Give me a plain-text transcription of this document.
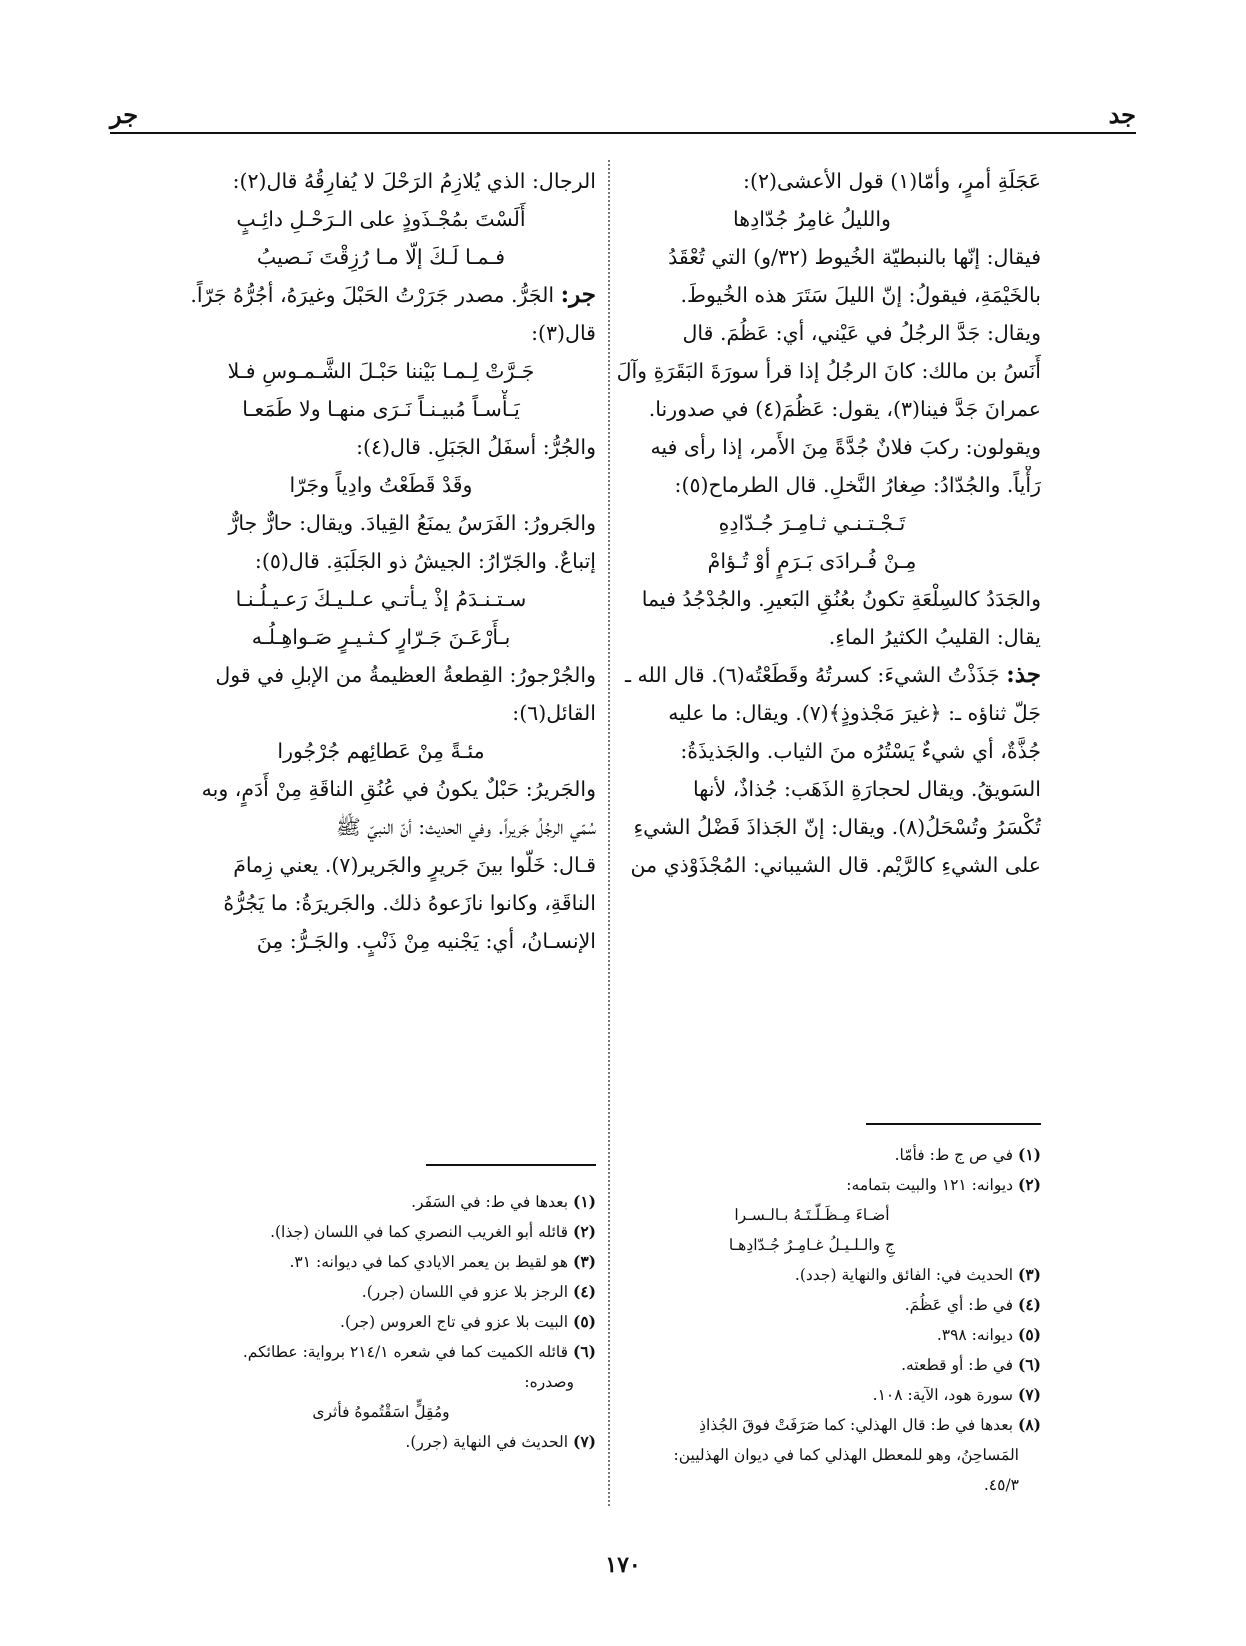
جد
جر
عَجَلَةِ أمرٍ، وأمّا(١) قول الأعشى(٢):
والليلُ غامِرُ جُدّادِها
فيقال: إنّها بالنبطيّة الخُيوط (٣٢/و) التي تُعْقَدُ
بالخَيْمَةِ، فيقولُ: إنّ الليلَ سَتَرَ هذه الخُيوطَ.
ويقال: جَدَّ الرجُلُ في عَيْني، أي: عَظُمَ. قال
أَنَسُ بن مالك: كانَ الرجُلُ إذا قرأ سورَةَ البَقَرَةِ وآلَ
عمرانَ جَدَّ فينا(٣)، يقول: عَظُمَ(٤) في صدورنا.
ويقولون: ركبَ فلانٌ جُدَّةً مِنَ الأَمر، إذا رأى فيه
رَأْياً. والجُدّادُ: صِغارُ النَّخلِ. قال الطرماح(٥):
تَـجْـتـنـي ثـامِـرَ جُـدّادِهِ
مِـنْ فُـرادَى بَـرَمٍ أوْ تُـؤامْ
والجَدَدُ كالسِلْعَةِ تكونُ بعُنُقِ البَعيرِ. والجُدْجُدُ فيما
يقال: القليبُ الكثيرُ الماءِ.
جذ: جَذَذْتُ الشيءَ: كسرتُهُ وقَطَعْتُه(٦). قال الله ـ
جَلّ ثناؤه ـ: ﴿غيرَ مَجْذوذٍ﴾(٧). ويقال: ما عليه
جُذَّةٌ، أي شيءٌ يَسْتُرُه منَ الثياب. والجَذيذَةُ:
السَويقُ. ويقال لحجارَةِ الذَهَب: جُذاذٌ، لأنها
تُكْسَرُ وتُسْحَلُ(٨). ويقال: إنّ الجَذاذَ فَضْلُ الشيءِ
على الشيءِ كالرَّيْم. قال الشيباني: المُجْذَوْذي من
الرجال: الذي يُلازِمُ الرَحْلَ لا يُفارِقُهُ قال(٢):
أَلَسْتَ بمُجْـذَوذٍ على الـرَحْـلِ دائِـبٍ
فـمـا لَـكَ إلّا مـا رُزِقْتَ نَـصيبُ
جر: الجَرُّ. مصدر جَرَرْتُ الحَبْلَ وغيرَهُ، أجُرُّهُ جَرّاً.
قال(٣):
جَـرَّتْ لِـمـا بَيْننا حَبْـلَ الشَّـمـوسِ فـلا
يَـأْسـاً مُبيـنـاً نَـرَى منهـا ولا طَمَعـا
والجُرُّ: أسفَلُ الجَبَلِ. قال(٤):
وقَدْ قَطَعْتُ وادِياً وجَرّا
والجَرورُ: الفَرَسُ يمنَعُ القِيادَ. ويقال: حارٌّ جارٌّ
إتباعٌ. والجَرّارُ: الجيشُ ذو الجَلَبَةِ. قال(٥):
سـتـنـدَمُ إذْ يـأتـي عـلـيـكَ رَعـيـلُـنـا
بـأَرْعَـنَ جَـرّارٍ كـثـيـرٍ صَـواهِـلُـه
والجُرْجورُ: القِطعةُ العظيمةُ من الإبلِ في قول
القائل(٦):
مئـةً مِنْ عَطائِهم جُرْجُورا
والجَريرُ: حَبْلٌ يكونُ في عُنُقِ الناقَةِ مِنْ أَدَمٍ، وبه
سُمّي الرجُلُ جَريراً. وفي الحديث: أنّ النبيّ ﷺ
قـال: خَلّوا بينَ جَريرٍ والجَرير(٧). يعني زِمامَ
الناقَةِ، وكانوا نازَعوهُ ذلك. والجَريرَةُ: ما يَجُرُّهُ
الإنسـانُ، أي: يَجْنيه مِنْ ذَنْبٍ. والجَـرُّ: مِنَ
(١) في ص ج ط: فأمّا.
(٢) ديوانه: ١٢١ والبيت بتمامه:
أضـاءَ مِـظَـلّـتَـهُ بـالـسـرا
جِ والـلـيـلُ غـامِـرُ جُـدّادِهـا
(٣) الحديث في: الفائق والنهاية (جدد).
(٤) في ط: أي عَظُمَ.
(٥) ديوانه: ٣٩٨.
(٦) في ط: أو قطعته.
(٧) سورة هود، الآية: ١٠٨.
(٨) بعدها في ط: قال الهذلي: كما صَرَفَتْ فوقَ الجُذاذِ
المَساحِنُ، وهو للمعطل الهذلي كما في ديوان الهذليين:
٤٥/٣.
(١) بعدها في ط: في السَفَر.
(٢) قائله أبو الغريب النصري كما في اللسان (جذا).
(٣) هو لقيط بن يعمر الايادي كما في ديوانه: ٣١.
(٤) الرجز بلا عزو في اللسان (جرر).
(٥) البيت بلا عزو في تاج العروس (جر).
(٦) قائله الكميت كما في شعره ٢١٤/١ برواية: عطائكم.
وصدره:
ومُقِلٍّ اسَقْتُموهُ فأثرى
(٧) الحديث في النهاية (جرر).
١٧٠
